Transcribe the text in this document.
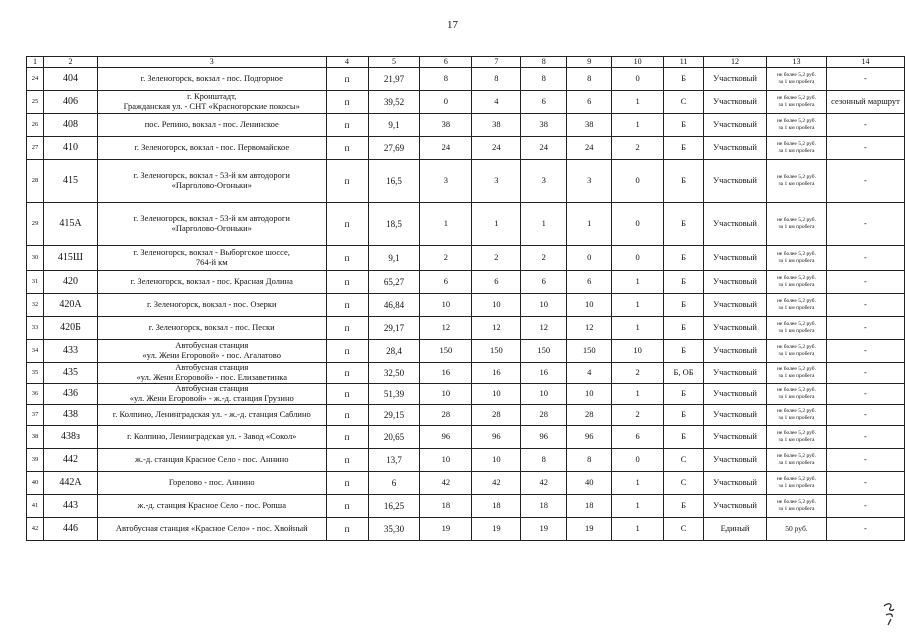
17
1	2	3	4	5	6	7	8	9	10	11	12	13	14
24	404	г. Зеленогорск, вокзал - пос. Подгорное	п	21,97	8	8	8	8	0	Б	Участковый	не более 5,2 руб.
за 1 км пробега	-
25	406	г. Кронштадт,
Гражданская ул. - СНТ «Красногорские покосы»	п	39,52	0	4	6	6	1	С	Участковый	не более 5,2 руб.
за 1 км пробега	сезонный маршрут
26	408	пос. Репино, вокзал - пос. Ленинское	п	9,1	38	38	38	38	1	Б	Участковый	не более 5,2 руб.
за 1 км пробега	-
27	410	г. Зеленогорск, вокзал - пос. Первомайское	п	27,69	24	24	24	24	2	Б	Участковый	не более 5,2 руб.
за 1 км пробега	-
28	415	г. Зеленогорск, вокзал - 53-й км автодороги
«Парголово-Огоньки»	п	16,5	3	3	3	3	0	Б	Участковый	не более 5,2 руб.
за 1 км пробега	-
29	415А	г. Зеленогорск, вокзал - 53-й км автодороги
«Парголово-Огоньки»	п	18,5	1	1	1	1	0	Б	Участковый	не более 5,2 руб.
за 1 км пробега	-
30	415Ш	г. Зеленогорск, вокзал - Выборгское шоссе,
764-й км	п	9,1	2	2	2	0	0	Б	Участковый	не более 5,2 руб.
за 1 км пробега	-
31	420	г. Зеленогорск, вокзал - пос. Красная Долина	п	65,27	6	6	6	6	1	Б	Участковый	не более 5,2 руб.
за 1 км пробега	-
32	420А	г. Зеленогорск, вокзал - пос. Озерки	п	46,84	10	10	10	10	1	Б	Участковый	не более 5,2 руб.
за 1 км пробега	-
33	420Б	г. Зеленогорск, вокзал - пос. Пески	п	29,17	12	12	12	12	1	Б	Участковый	не более 5,2 руб.
за 1 км пробега	-
34	433	Автобусная станция
«ул. Жени Егоровой» - пос. Агалатово	п	28,4	150	150	150	150	10	Б	Участковый	не более 5,2 руб.
за 1 км пробега	-
35	435	Автобусная станция
«ул. Жени Егоровой» - пос. Елизаветинка	п	32,50	16	16	16	4	2	Б, ОБ	Участковый	не более 5,2 руб.
за 1 км пробега	-
36	436	Автобусная станция
«ул. Жени Егоровой» - ж.-д. станция Грузино	п	51,39	10	10	10	10	1	Б	Участковый	не более 5,2 руб.
за 1 км пробега	-
37	438	г. Колпино, Ленинградская ул. - ж.-д. станция Саблино	п	29,15	28	28	28	28	2	Б	Участковый	не более 5,2 руб.
за 1 км пробега	-
38	438з	г. Колпино, Ленинградская ул. - Завод «Сокол»	п	20,65	96	96	96	96	6	Б	Участковый	не более 5,2 руб.
за 1 км пробега	-
39	442	ж.-д. станция Красное Село - пос. Аннино	п	13,7	10	10	8	8	0	С	Участковый	не более 5,2 руб.
за 1 км пробега	-
40	442А	Горелово - пос. Аннино	п	6	42	42	42	40	1	С	Участковый	не более 5,2 руб.
за 1 км пробега	-
41	443	ж.-д. станция Красное Село - пос. Ропша	п	16,25	18	18	18	18	1	Б	Участковый	не более 5,2 руб.
за 1 км пробега	-
42	446	Автобусная станция «Красное Село» - пос. Хвойный	п	35,30	19	19	19	19	1	С	Единый	50 руб.	-
